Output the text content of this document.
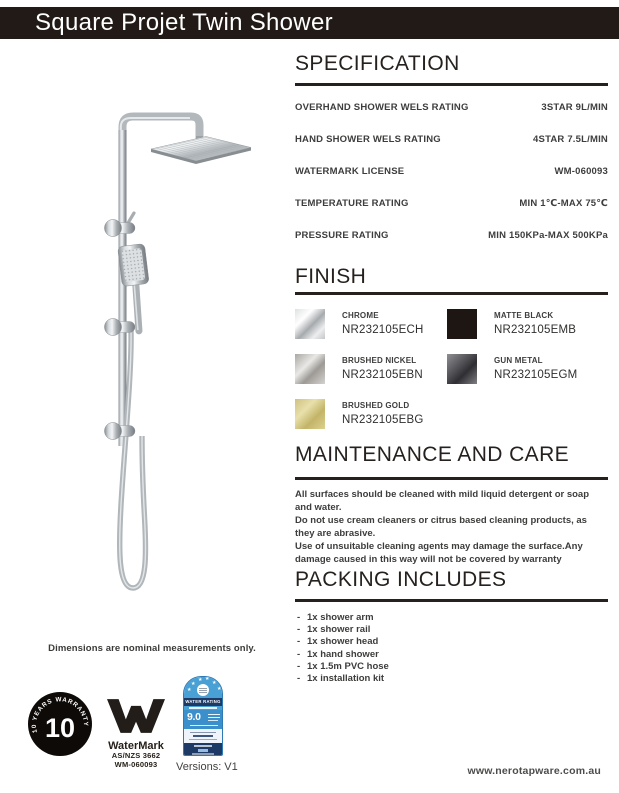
Square Projet Twin Shower
Dimensions are nominal measurements only.
SPECIFICATION
OVERHAND SHOWER WELS RATING	3STAR 9L/MIN
HAND SHOWER WELS RATING	4STAR 7.5L/MIN
WATERMARK LICENSE	WM-060093
TEMPERATURE RATING	MIN 1℃-MAX 75℃
PRESSURE RATING	MIN 150KPa-MAX 500KPa
FINISH
CHROME
NR232105ECH
MATTE BLACK
NR232105EMB
BRUSHED NICKEL
NR232105EBN
GUN METAL
NR232105EGM
BRUSHED GOLD
NR232105EBG
MAINTENANCE AND CARE
All surfaces should be cleaned with mild liquid detergent or soap
and water.
Do not use cream cleaners or citrus based cleaning products, as
they are abrasive.
Use of unsuitable cleaning agents may damage the surface.Any
damage caused in this way will not be covered by warranty
PACKING INCLUDES
- 1x shower arm
- 1x shower rail
- 1x shower head
- 1x hand shower
- 1x 1.5m PVC hose
- 1x installation kit
10 YEARS WARRANTY
10
WaterMark
AS/NZS 3662
WM-060093
★
★
★ ★
★
★
WATER RATING
9.0
Versions: V1	www.nerotapware.com.au
